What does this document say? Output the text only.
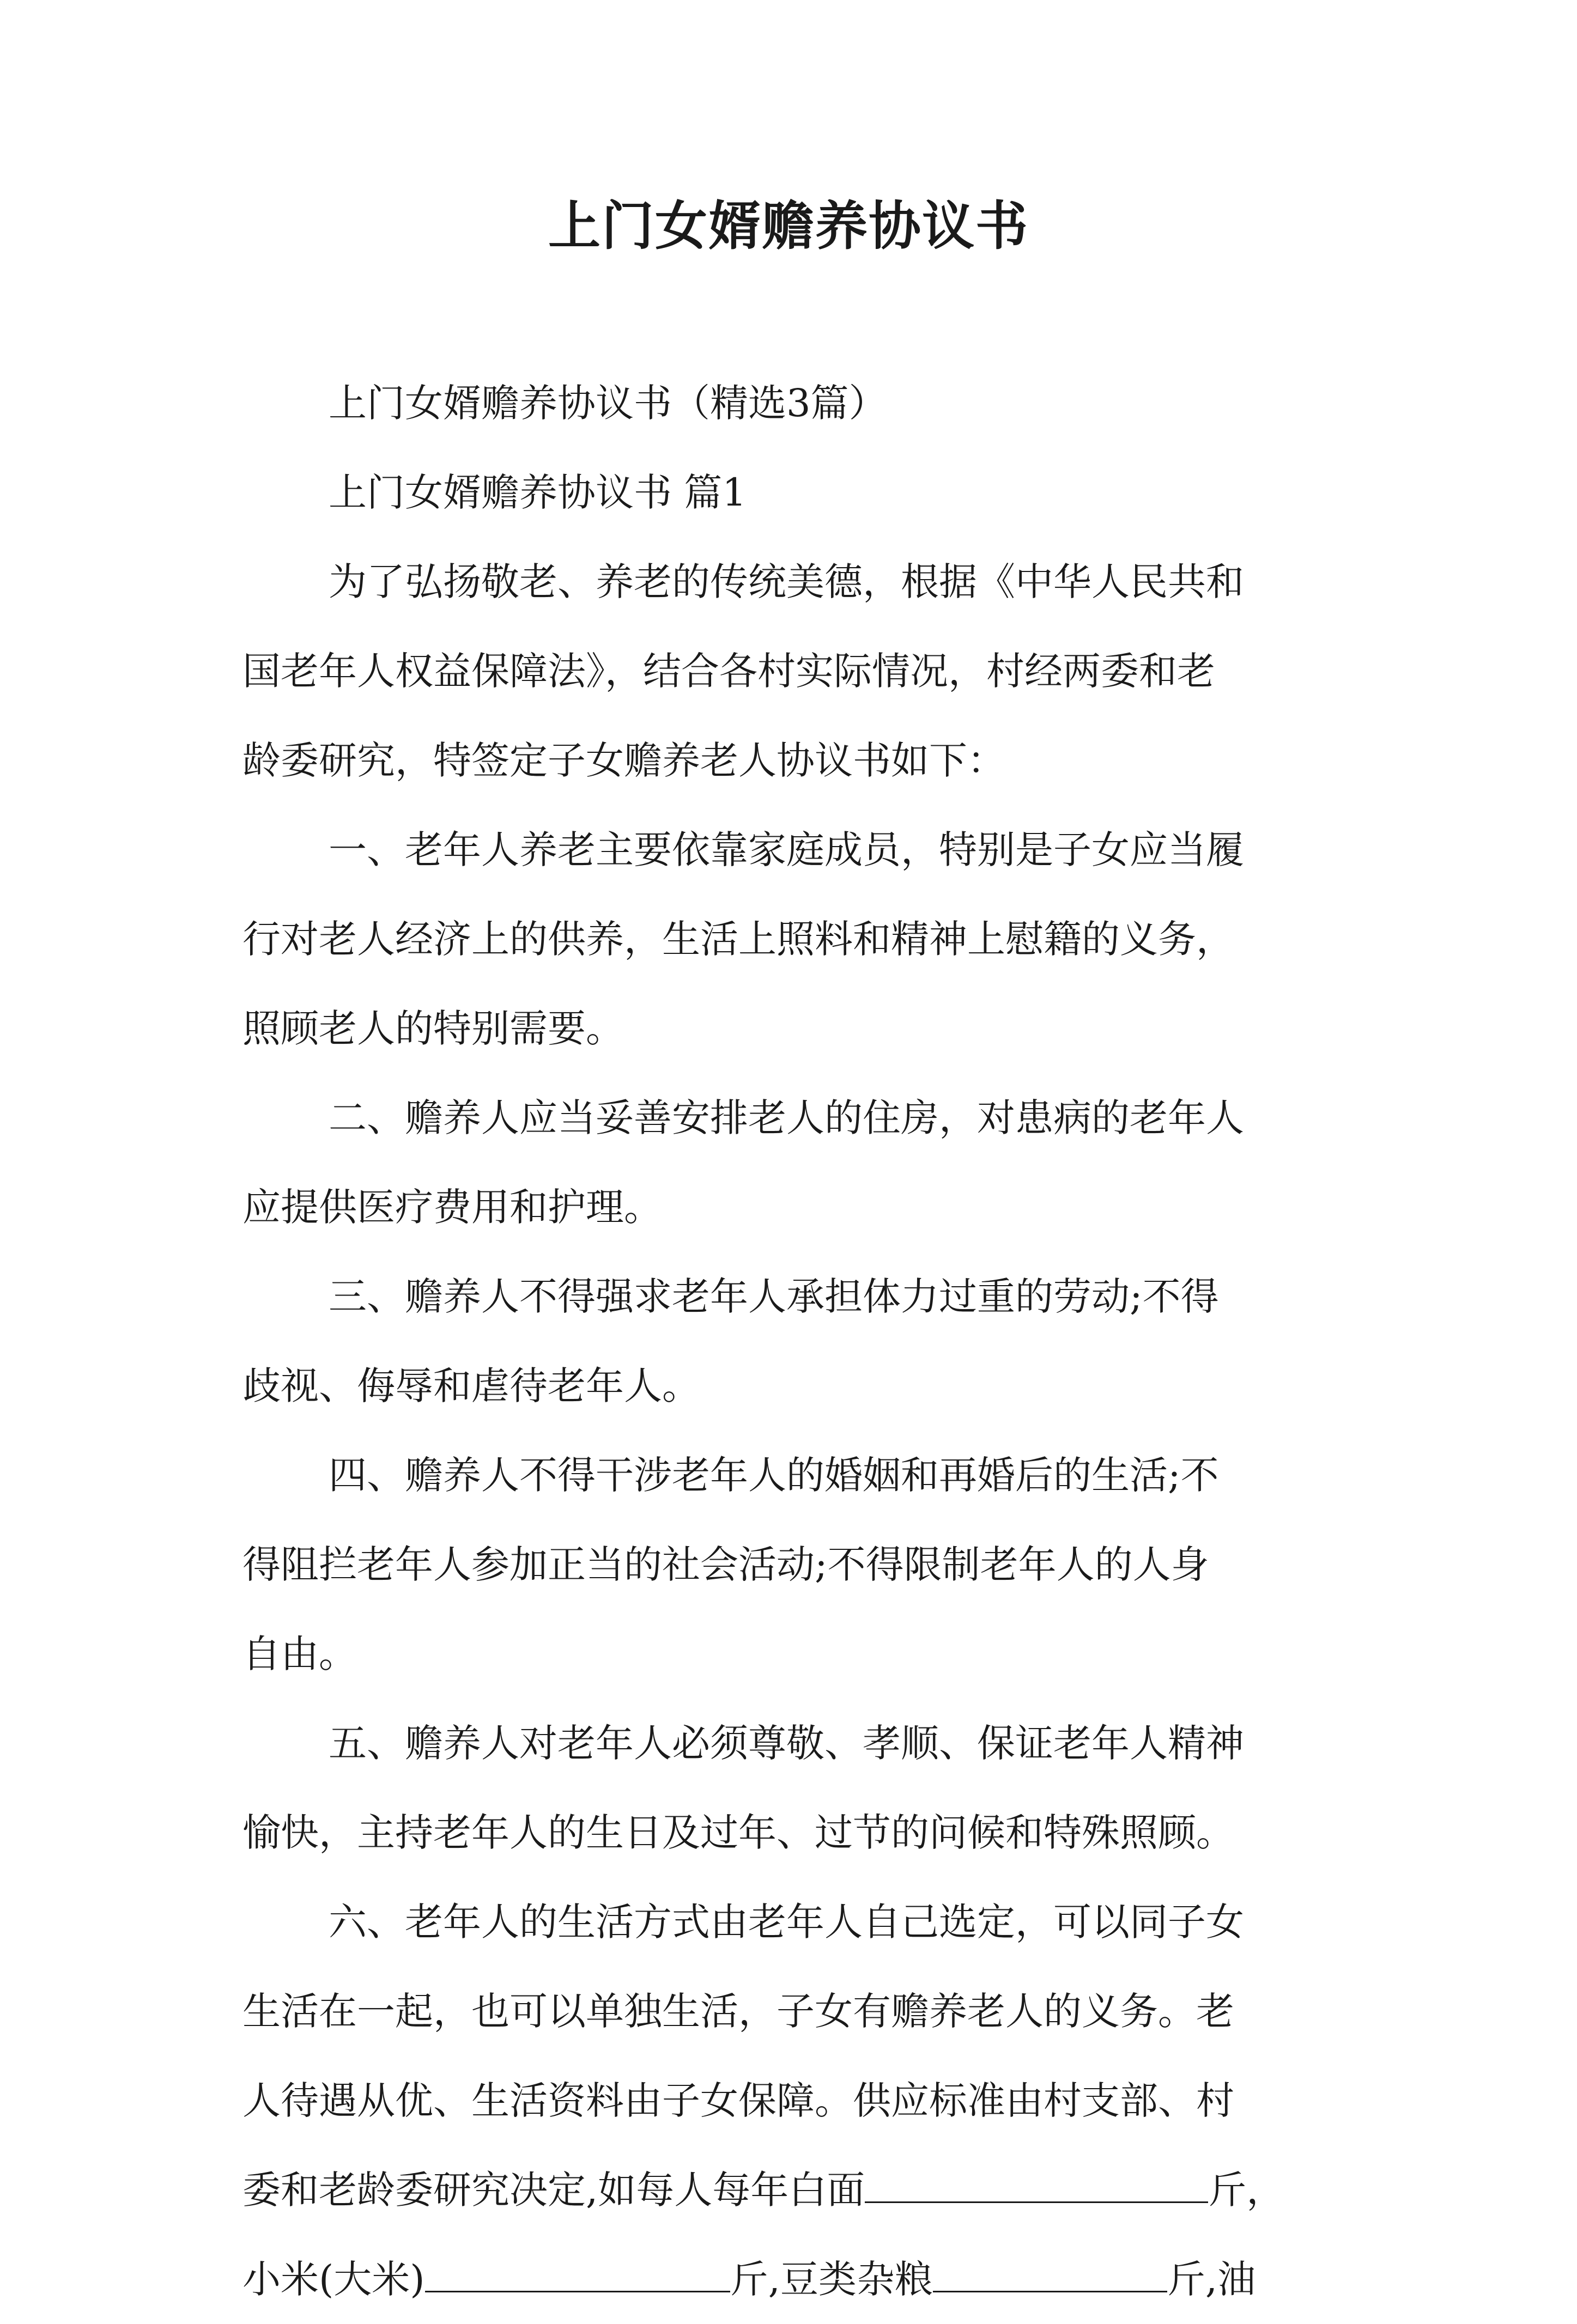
上门女婿赡养协议书
上门女婿赡养协议书（精选3篇）
上门女婿赡养协议书 篇1
为了弘扬敬老、养老的传统美德，根据《中华人民共和
国老年人权益保障法》，结合各村实际情况，村经两委和老
龄委研究，特签定子女赡养老人协议书如下：
一、老年人养老主要依靠家庭成员，特别是子女应当履
行对老人经济上的供养，生活上照料和精神上慰籍的义务，
照顾老人的特别需要。
二、赡养人应当妥善安排老人的住房，对患病的老年人
应提供医疗费用和护理。
三、赡养人不得强求老年人承担体力过重的劳动;不得
歧视、侮辱和虐待老年人。
四、赡养人不得干涉老年人的婚姻和再婚后的生活;不
得阻拦老年人参加正当的社会活动;不得限制老年人的人身
自由。
五、赡养人对老年人必须尊敬、孝顺、保证老年人精神
愉快，主持老年人的生日及过年、过节的问候和特殊照顾。
六、老年人的生活方式由老年人自己选定，可以同子女
生活在一起，也可以单独生活，子女有赡养老人的义务。老
人待遇从优、生活资料由子女保障。供应标准由村支部、村
委和老龄委研究决定,如每人每年白面	斤，
小米(大米)	斤,豆类杂粮	斤,油
